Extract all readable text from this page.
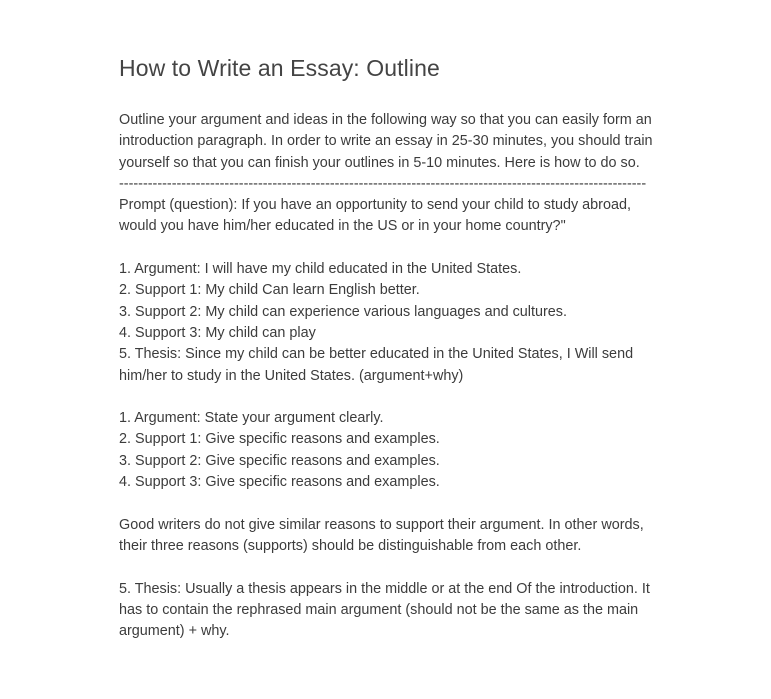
How to Write an Essay: Outline

Outline your argument and ideas in the following way so that you can easily form an introduction paragraph. In order to write an essay in 25-30 minutes, you should train yourself so that you can finish your outlines in 5-10 minutes. Here is how to do so.

--------------------------------------------------------------------------------------------------------------

Prompt (question): If you have an opportunity to send your child to study abroad, would you have him/her educated in the US or in your home country?"

1. Argument: I will have my child educated in the United States.
2. Support 1: My child Can learn English better.
3. Support 2: My child can experience various languages and cultures.
4. Support 3: My child can play

5. Thesis: Since my child can be better educated in the United States, I Will send him/her to study in the United States. (argument+why)

1. Argument: State your argument clearly.
2. Support 1: Give specific reasons and examples.
3. Support 2: Give specific reasons and examples.
4. Support 3: Give specific reasons and examples.

Good writers do not give similar reasons to support their argument. In other words, their three reasons (supports) should be distinguishable from each other.

5. Thesis: Usually a thesis appears in the middle or at the end Of the introduction. It has to contain the rephrased main argument (should not be the same as the main argument) + why.
